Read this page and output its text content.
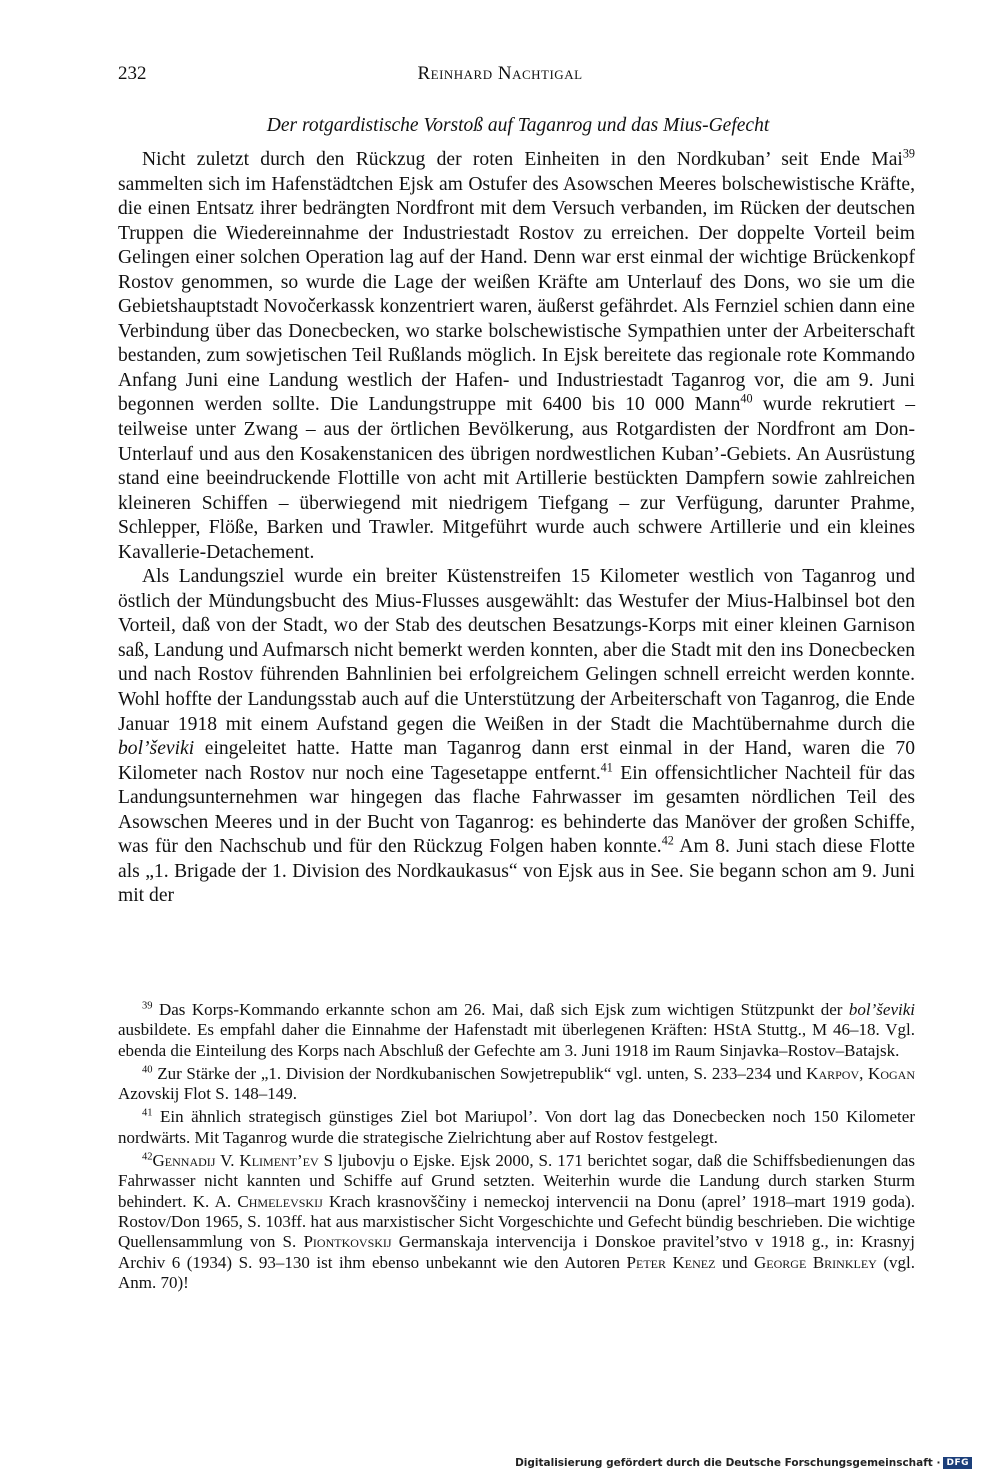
232	Reinhard Nachtigal
Der rotgardistische Vorstoß auf Taganrog und das Mius-Gefecht

Nicht zuletzt durch den Rückzug der roten Einheiten in den Nordkuban’ seit Ende Mai$^{39}$ sammelten sich im Hafenstädtchen Ejsk am Ostufer des Asowschen Meeres bolschewistische Kräfte, die einen Entsatz ihrer bedrängten Nordfront mit dem Versuch verbanden, im Rücken der deutschen Truppen die Wiedereinnahme der Industriestadt Rostov zu erreichen. Der doppelte Vorteil beim Gelingen einer solchen Operation lag auf der Hand. Denn war erst einmal der wichtige Brückenkopf Rostov genommen, so wurde die Lage der weißen Kräfte am Unterlauf des Dons, wo sie um die Gebietshauptstadt Novočerkassk konzentriert waren, äußerst gefährdet. Als Fernziel schien dann eine Verbindung über das Donecbecken, wo starke bolschewistische Sympathien unter der Arbeiterschaft bestanden, zum sowjetischen Teil Rußlands möglich. In Ejsk bereitete das regionale rote Kommando Anfang Juni eine Landung westlich der Hafen- und Industriestadt Taganrog vor, die am 9. Juni begonnen werden sollte. Die Landungstruppe mit 6400 bis 10 000 Mann$^{40}$ wurde rekrutiert – teilweise unter Zwang – aus der örtlichen Bevölkerung, aus Rotgardisten der Nordfront am Don-Unterlauf und aus den Kosakenstanicen des übrigen nordwestlichen Kuban’-Gebiets. An Ausrüstung stand eine beeindruckende Flottille von acht mit Artillerie bestückten Dampfern sowie zahlreichen kleineren Schiffen – überwiegend mit niedrigem Tiefgang – zur Verfügung, darunter Prahme, Schlepper, Flöße, Barken und Trawler. Mitgeführt wurde auch schwere Artillerie und ein kleines Kavallerie-Detachement.

Als Landungsziel wurde ein breiter Küstenstreifen 15 Kilometer westlich von Taganrog und östlich der Mündungsbucht des Mius-Flusses ausgewählt: das Westufer der Mius-Halbinsel bot den Vorteil, daß von der Stadt, wo der Stab des deutschen Besatzungs-Korps mit einer kleinen Garnison saß, Landung und Aufmarsch nicht bemerkt werden konnten, aber die Stadt mit den ins Donecbecken und nach Rostov führenden Bahnlinien bei erfolgreichem Gelingen schnell erreicht werden konnte. Wohl hoffte der Landungsstab auch auf die Unterstützung der Arbeiterschaft von Taganrog, die Ende Januar 1918 mit einem Aufstand gegen die Weißen in der Stadt die Machtübernahme durch die bol’ševiki eingeleitet hatte. Hatte man Taganrog dann erst einmal in der Hand, waren die 70 Kilometer nach Rostov nur noch eine Tagesetappe entfernt.$^{41}$ Ein offensichtlicher Nachteil für das Landungsunternehmen war hingegen das flache Fahrwasser im gesamten nördlichen Teil des Asowschen Meeres und in der Bucht von Taganrog: es behinderte das Manöver der großen Schiffe, was für den Nachschub und für den Rückzug Folgen haben konnte.$^{42}$ Am 8. Juni stach diese Flotte als „1. Brigade der 1. Division des Nordkaukasus“ von Ejsk aus in See. Sie begann schon am 9. Juni mit der

$^{39}$ Das Korps-Kommando erkannte schon am 26. Mai, daß sich Ejsk zum wichtigen Stützpunkt der bol’ševiki ausbildete. Es empfahl daher die Einnahme der Hafenstadt mit überlegenen Kräften: HStA Stuttg., M 46–18. Vgl. ebenda die Einteilung des Korps nach Abschluß der Gefechte am 3. Juni 1918 im Raum Sinjavka–Rostov–Batajsk.

$^{40}$ Zur Stärke der „1. Division der Nordkubanischen Sowjetrepublik“ vgl. unten, S. 233–234 und Karpov, Kogan Azovskij Flot S. 148–149.

$^{41}$ Ein ähnlich strategisch günstiges Ziel bot Mariupol’. Von dort lag das Donecbecken noch 150 Kilometer nordwärts. Mit Taganrog wurde die strategische Zielrichtung aber auf Rostov festgelegt.

$^{42}$Gennadij V. Kliment’ev S ljubovju o Ejske. Ejsk 2000, S. 171 berichtet sogar, daß die Schiffsbedienungen das Fahrwasser nicht kannten und Schiffe auf Grund setzten. Weiterhin wurde die Landung durch starken Sturm behindert. K. A. Chmelevskij Krach krasnovščiny i nemeckoj intervencii na Donu (aprel’ 1918–mart 1919 goda). Rostov/Don 1965, S. 103ff. hat aus marxistischer Sicht Vorgeschichte und Gefecht bündig beschrieben. Die wichtige Quellensammlung von S. Piontkovskij Germanskaja intervencija i Donskoe pravitel’stvo v 1918 g., in: Krasnyj Archiv 6 (1934) S. 93–130 ist ihm ebenso unbekannt wie den Autoren Peter Kenez und George Brinkley (vgl. Anm. 70)!

Digitalisierung gefördert durch die Deutsche Forschungsgemeinschaft · DFG
